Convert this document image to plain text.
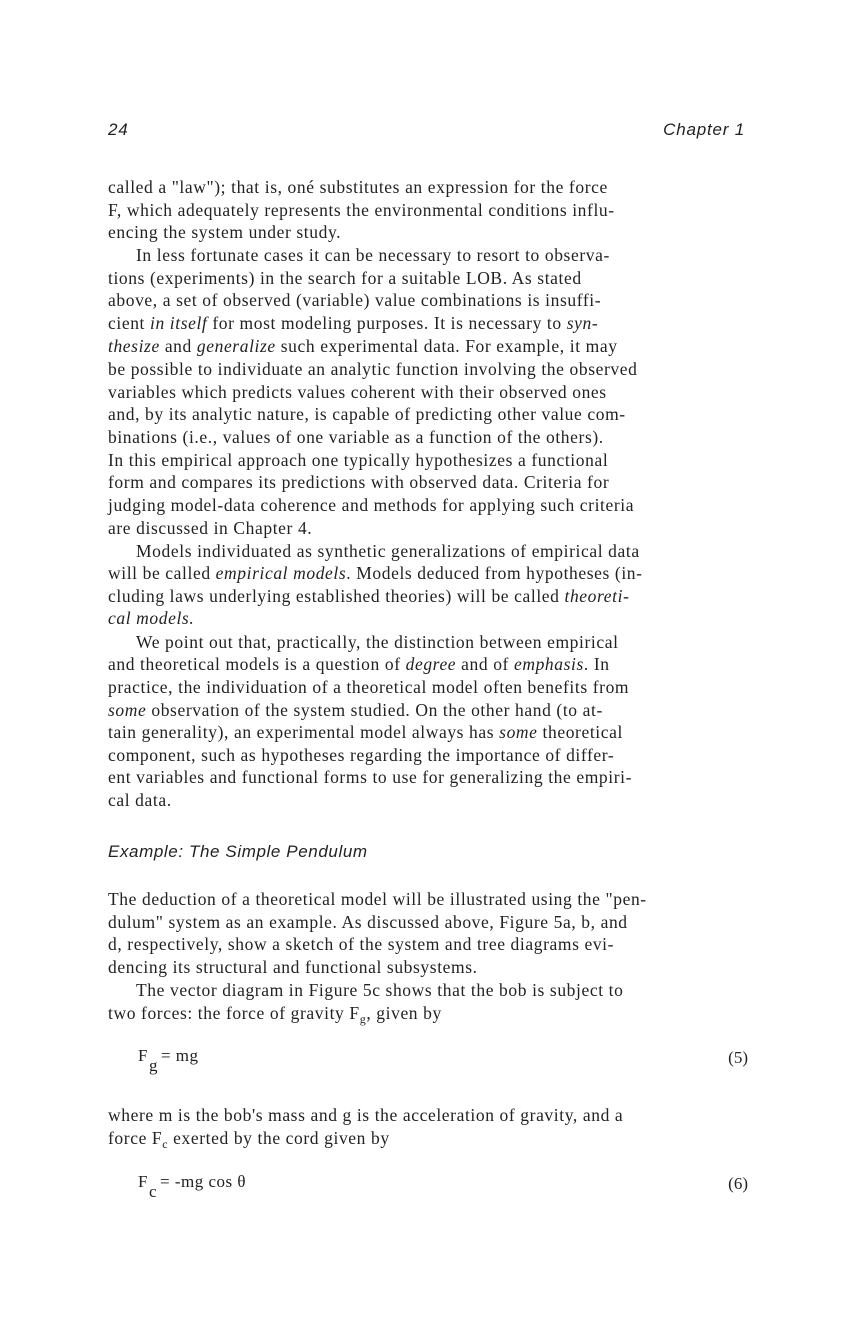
24	Chapter 1
called a "law"); that is, oné substitutes an expression for the force
F, which adequately represents the environmental conditions influ-
encing the system under study.
In less fortunate cases it can be necessary to resort to observa-
tions (experiments) in the search for a suitable LOB. As stated
above, a set of observed (variable) value combinations is insuffi-
cient in itself for most modeling purposes. It is necessary to syn-
thesize and generalize such experimental data. For example, it may
be possible to individuate an analytic function involving the observed
variables which predicts values coherent with their observed ones
and, by its analytic nature, is capable of predicting other value com-
binations (i.e., values of one variable as a function of the others).
In this empirical approach one typically hypothesizes a functional
form and compares its predictions with observed data. Criteria for
judging model-data coherence and methods for applying such criteria
are discussed in Chapter 4.
Models individuated as synthetic generalizations of empirical data
will be called empirical models. Models deduced from hypotheses (in-
cluding laws underlying established theories) will be called theoreti-
cal models.
We point out that, practically, the distinction between empirical
and theoretical models is a question of degree and of emphasis. In
practice, the individuation of a theoretical model often benefits from
some observation of the system studied. On the other hand (to at-
tain generality), an experimental model always has some theoretical
component, such as hypotheses regarding the importance of differ-
ent variables and functional forms to use for generalizing the empiri-
cal data.
Example: The Simple Pendulum
The deduction of a theoretical model will be illustrated using the "pen-
dulum" system as an example. As discussed above, Figure 5a, b, and
d, respectively, show a sketch of the system and tree diagrams evi-
dencing its structural and functional subsystems.
The vector diagram in Figure 5c shows that the bob is subject to
two forces: the force of gravity $F_g$, given by
Fg= mg	(5)
where m is the bob's mass and g is the acceleration of gravity, and a
force $F_c$ exerted by the cord given by
Fc= -mg cos θ	(6)
